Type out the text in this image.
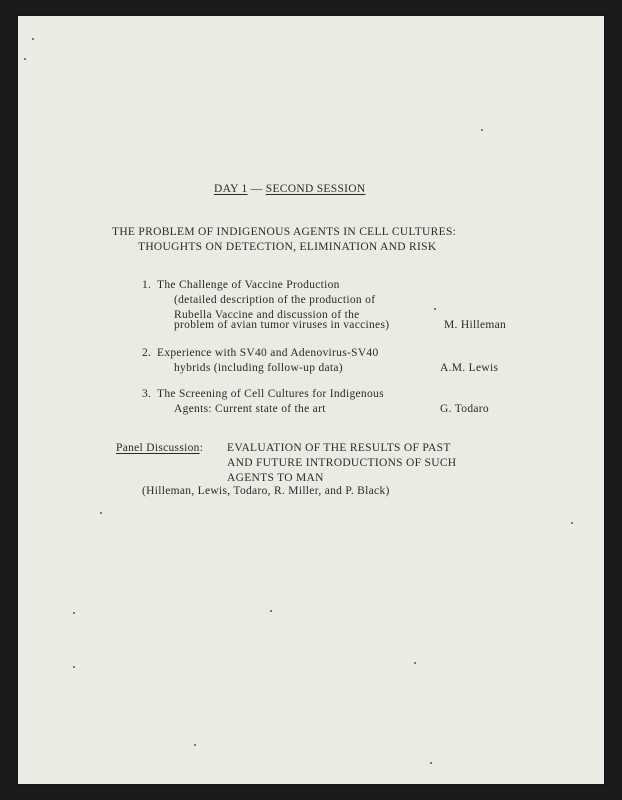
DAY 1 — SECOND SESSION
THE PROBLEM OF INDIGENOUS AGENTS IN CELL CULTURES:
THOUGHTS ON DETECTION, ELIMINATION AND RISK
1. The Challenge of Vaccine Production
(detailed description of the production of
Rubella Vaccine and discussion of the
problem of avian tumor viruses in vaccines)	M. Hilleman
2. Experience with SV40 and Adenovirus-SV40
hybrids (including follow-up data)	A.M. Lewis
3. The Screening of Cell Cultures for Indigenous
Agents: Current state of the art	G. Todaro
Panel Discussion: EVALUATION OF THE RESULTS OF PAST
AND FUTURE INTRODUCTIONS OF SUCH
AGENTS TO MAN
(Hilleman, Lewis, Todaro, R. Miller, and P. Black)
